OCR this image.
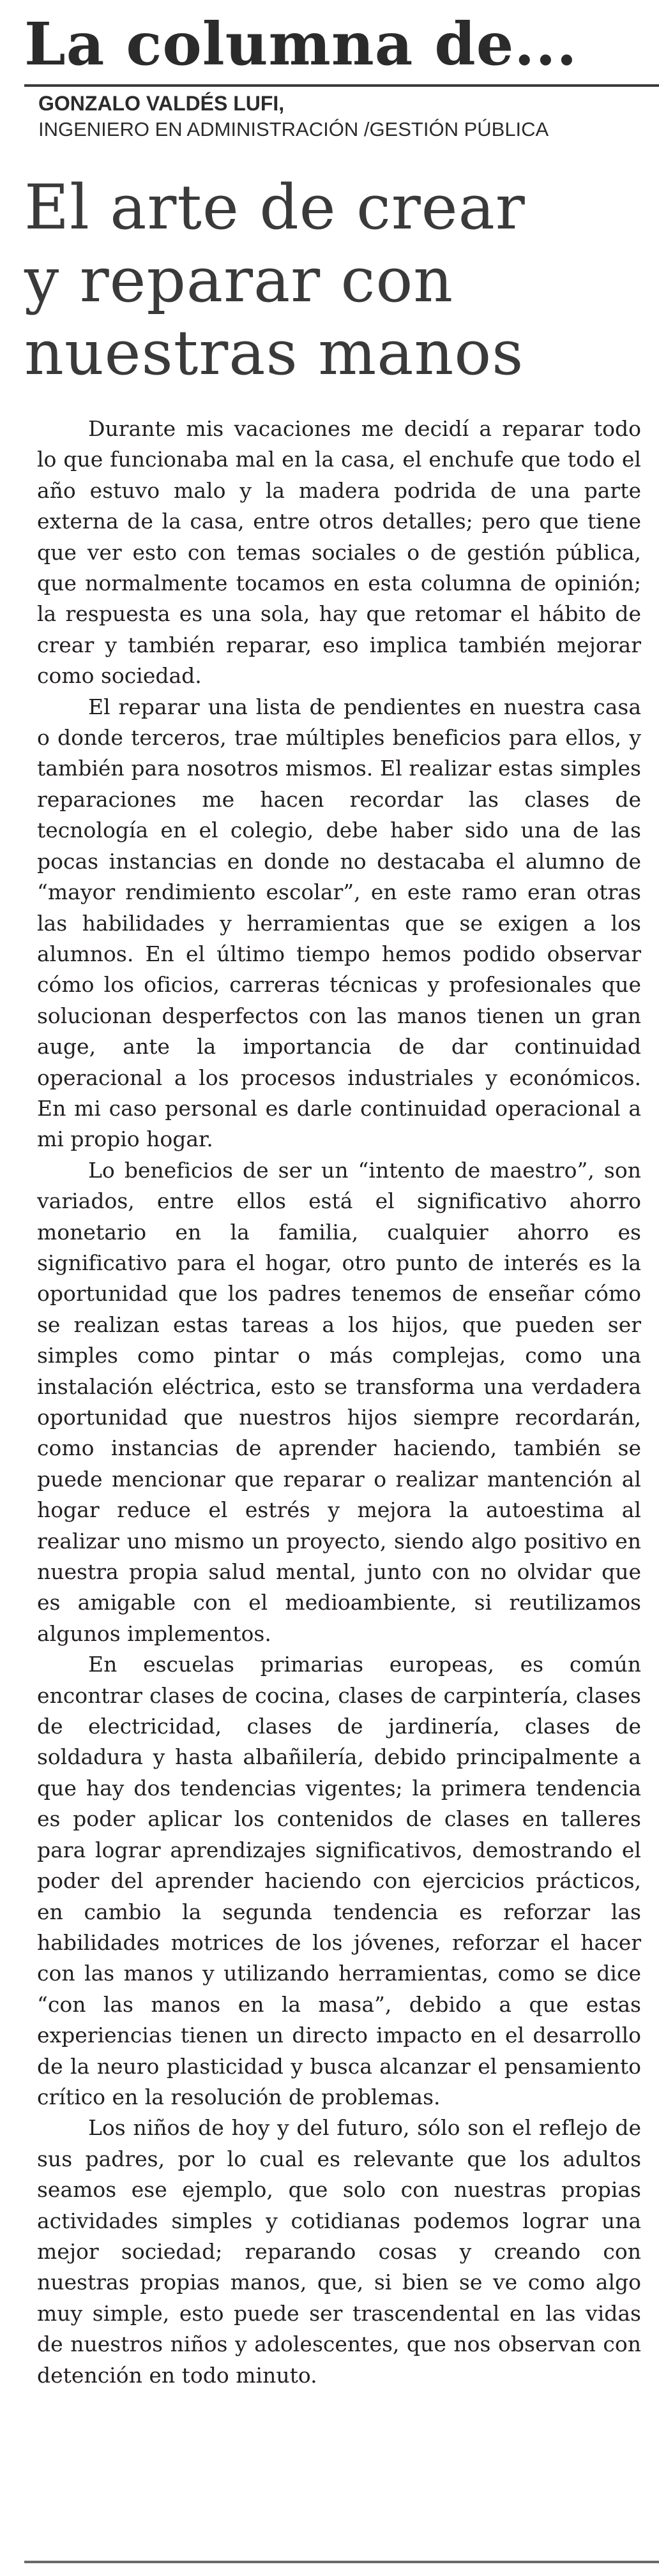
La columna de...
GONZALO VALDÉS LUFI,
INGENIERO EN ADMINISTRACIÓN /GESTIÓN PÚBLICA
El arte de crear
y reparar con
nuestras manos

Durante mis vacaciones me decidí a reparar todo lo que funcionaba mal en la casa, el enchufe que todo el año estuvo malo y la madera podrida de una parte externa de la casa, entre otros detalles; pero que tiene que ver esto con temas sociales o de gestión pública, que normalmente tocamos en esta columna de opinión; la respuesta es una sola, hay que retomar el hábito de crear y también reparar, eso implica también mejorar como sociedad.

El reparar una lista de pendientes en nuestra casa o donde terceros, trae múltiples beneficios para ellos, y también para nosotros mismos. El realizar estas simples reparaciones me hacen recordar las clases de tecnología en el colegio, debe haber sido una de las pocas instancias en donde no destacaba el alumno de “mayor rendimiento escolar”, en este ramo eran otras las habilidades y herramientas que se exigen a los alumnos. En el último tiempo hemos podido observar cómo los oficios, carreras técnicas y profesionales que solucionan desperfectos con las manos tienen un gran auge, ante la importancia de dar continuidad operacional a los procesos industriales y económicos. En mi caso personal es darle continuidad operacional a mi propio hogar.

Lo beneficios de ser un “intento de maestro”, son variados, entre ellos está el significativo ahorro monetario en la familia, cualquier ahorro es significativo para el hogar, otro punto de interés es la oportunidad que los padres tenemos de enseñar cómo se realizan estas tareas a los hijos, que pueden ser simples como pintar o más complejas, como una instalación eléctrica, esto se transforma una verdadera oportunidad que nuestros hijos siempre recordarán, como instancias de aprender haciendo, también se puede mencionar que reparar o realizar mantención al hogar reduce el estrés y mejora la autoestima al realizar uno mismo un proyecto, siendo algo positivo en nuestra propia salud mental, junto con no olvidar que es amigable con el medioambiente, si reutilizamos algunos implementos.

En escuelas primarias europeas, es común encontrar clases de cocina, clases de carpintería, clases de electricidad, clases de jardinería, clases de soldadura y hasta albañilería, debido principalmente a que hay dos tendencias vigentes; la primera tendencia es poder aplicar los contenidos de clases en talleres para lograr aprendizajes significativos, demostrando el poder del aprender haciendo con ejercicios prácticos, en cambio la segunda tendencia es reforzar las habilidades motrices de los jóvenes, reforzar el hacer con las manos y utilizando herramientas, como se dice “con las manos en la masa”, debido a que estas experiencias tienen un directo impacto en el desarrollo de la neuro plasticidad y busca alcanzar el pensamiento crítico en la resolución de problemas.

Los niños de hoy y del futuro, sólo son el reflejo de sus padres, por lo cual es relevante que los adultos seamos ese ejemplo, que solo con nuestras propias actividades simples y cotidianas podemos lograr una mejor sociedad; reparando cosas y creando con nuestras propias manos, que, si bien se ve como algo muy simple, esto puede ser trascendental en las vidas de nuestros niños y adolescentes, que nos observan con detención en todo minuto.
